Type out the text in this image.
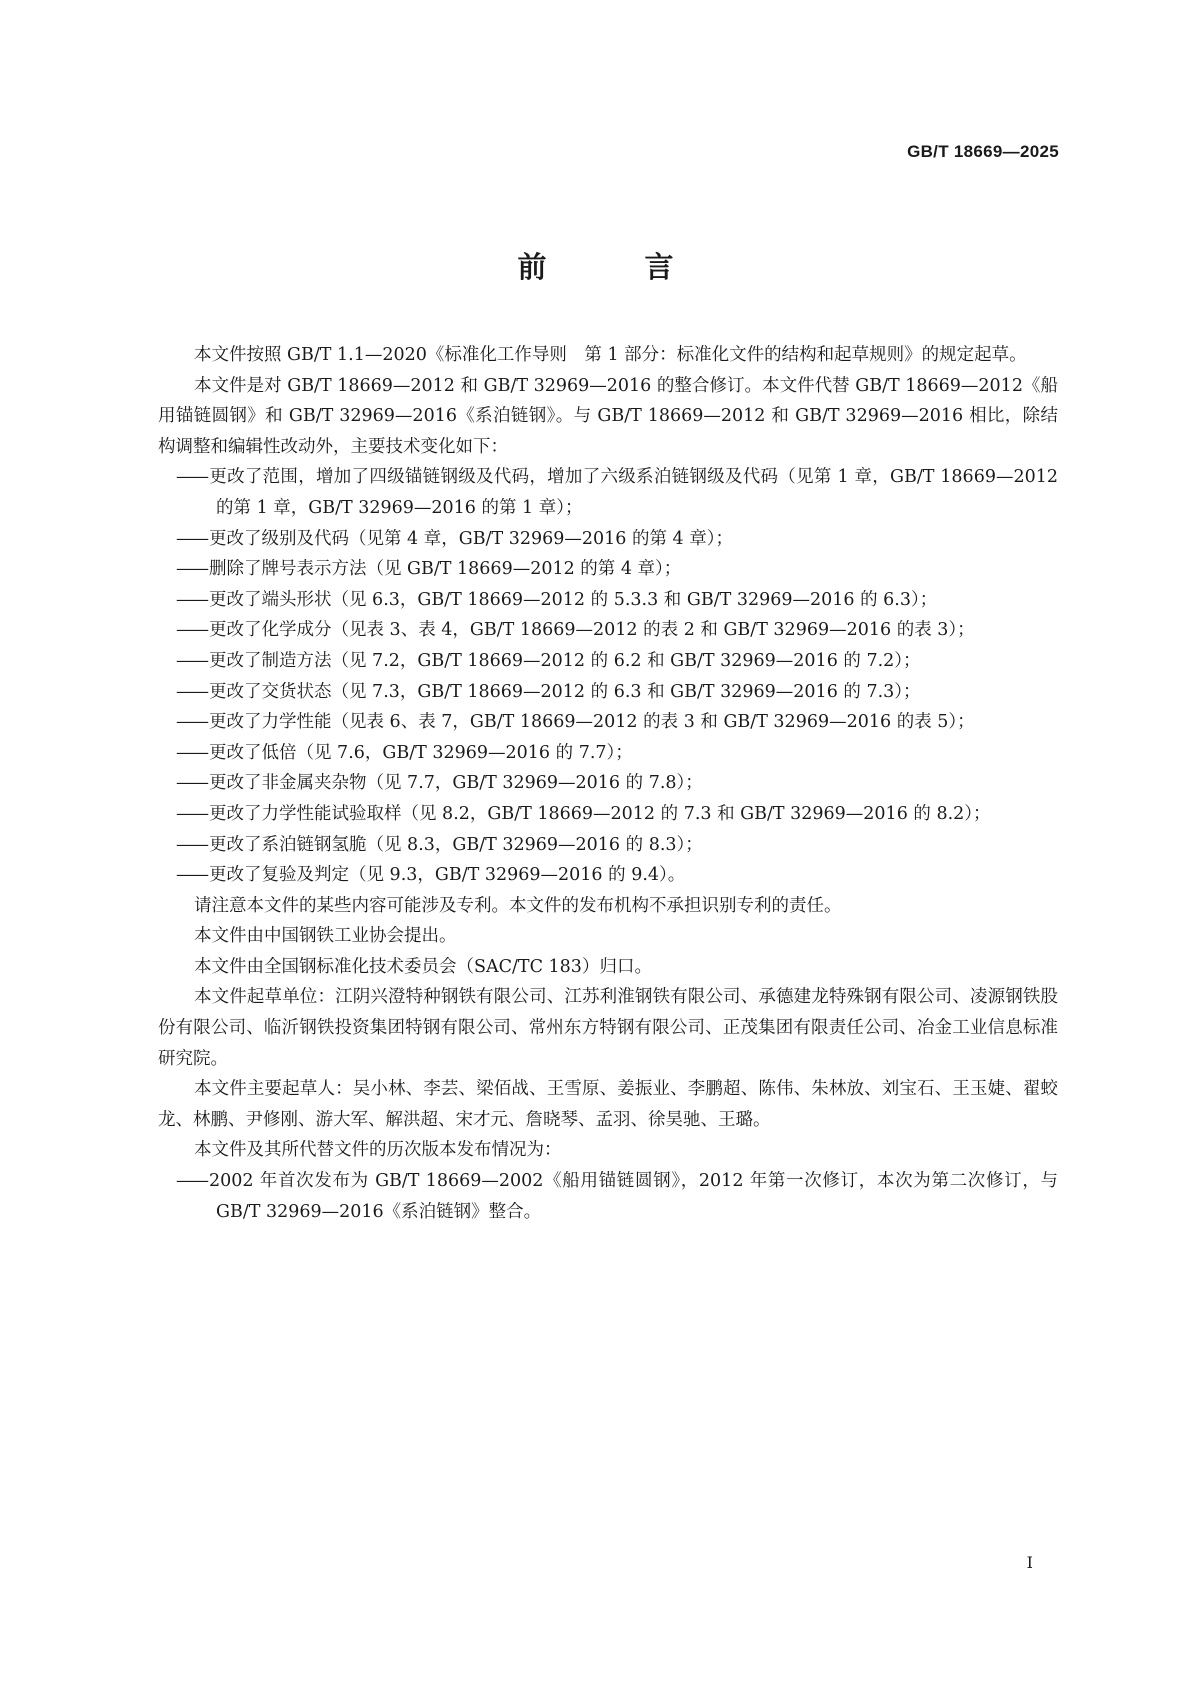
GB/T 18669—2025
前 言

本文件按照 GB/T 1.1—2020《标准化工作导则　第 1 部分：标准化文件的结构和起草规则》的规定起草。

本文件是对 GB/T 18669—2012 和 GB/T 32969—2016 的整合修订。本文件代替 GB/T 18669—2012《船用锚链圆钢》和 GB/T 32969—2016《系泊链钢》。与 GB/T 18669—2012 和 GB/T 32969—2016 相比，除结构调整和编辑性改动外，主要技术变化如下：

—— 更改了范围，增加了四级锚链钢级及代码，增加了六级系泊链钢级及代码（见第 1 章，GB/T 18669—2012 的第 1 章，GB/T 32969—2016 的第 1 章）；

—— 更改了级别及代码（见第 4 章，GB/T 32969—2016 的第 4 章）；

—— 删除了牌号表示方法（见 GB/T 18669—2012 的第 4 章）；

—— 更改了端头形状（见 6.3，GB/T 18669—2012 的 5.3.3 和 GB/T 32969—2016 的 6.3）；

—— 更改了化学成分（见表 3、表 4，GB/T 18669—2012 的表 2 和 GB/T 32969—2016 的表 3）；

—— 更改了制造方法（见 7.2，GB/T 18669—2012 的 6.2 和 GB/T 32969—2016 的 7.2）；

—— 更改了交货状态（见 7.3，GB/T 18669—2012 的 6.3 和 GB/T 32969—2016 的 7.3）；

—— 更改了力学性能（见表 6、表 7，GB/T 18669—2012 的表 3 和 GB/T 32969—2016 的表 5）；

—— 更改了低倍（见 7.6，GB/T 32969—2016 的 7.7）；

—— 更改了非金属夹杂物（见 7.7，GB/T 32969—2016 的 7.8）；

—— 更改了力学性能试验取样（见 8.2，GB/T 18669—2012 的 7.3 和 GB/T 32969—2016 的 8.2）；

—— 更改了系泊链钢氢脆（见 8.3，GB/T 32969—2016 的 8.3）；

—— 更改了复验及判定（见 9.3，GB/T 32969—2016 的 9.4）。

请注意本文件的某些内容可能涉及专利。本文件的发布机构不承担识别专利的责任。

本文件由中国钢铁工业协会提出。

本文件由全国钢标准化技术委员会（SAC/TC 183）归口。

本文件起草单位：江阴兴澄特种钢铁有限公司、江苏利淮钢铁有限公司、承德建龙特殊钢有限公司、凌源钢铁股份有限公司、临沂钢铁投资集团特钢有限公司、常州东方特钢有限公司、正茂集团有限责任公司、冶金工业信息标准研究院。

本文件主要起草人：吴小林、李芸、梁佰战、王雪原、姜振业、李鹏超、陈伟、朱林放、刘宝石、王玉婕、翟蛟龙、林鹏、尹修刚、游大军、解洪超、宋才元、詹晓琴、孟羽、徐昊驰、王璐。

本文件及其所代替文件的历次版本发布情况为：

—— 2002 年首次发布为 GB/T 18669—2002《船用锚链圆钢》，2012 年第一次修订，本次为第二次修订，与 GB/T 32969—2016《系泊链钢》整合。

I
